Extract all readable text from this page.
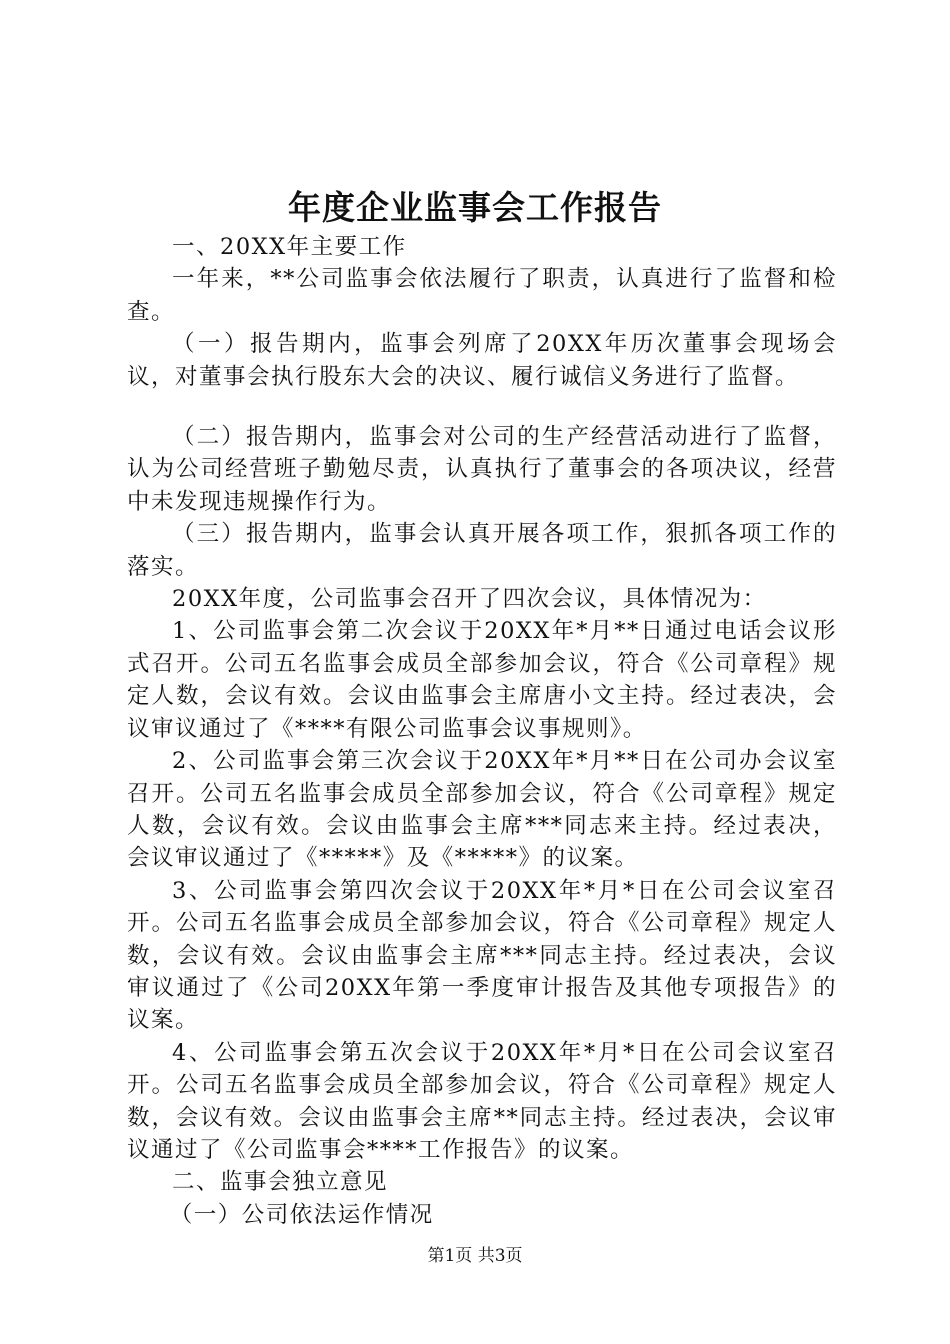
年度企业监事会工作报告

一、20XX年主要工作

一年来，**公司监事会依法履行了职责，认真进行了监督和检查。

（一）报告期内，监事会列席了20XX年历次董事会现场会议，对董事会执行股东大会的决议、履行诚信义务进行了监督。

（二）报告期内，监事会对公司的生产经营活动进行了监督，认为公司经营班子勤勉尽责，认真执行了董事会的各项决议，经营中未发现违规操作行为。

（三）报告期内，监事会认真开展各项工作，狠抓各项工作的落实。

20XX年度，公司监事会召开了四次会议，具体情况为：

1、公司监事会第二次会议于20XX年*月**日通过电话会议形式召开。公司五名监事会成员全部参加会议，符合《公司章程》规定人数，会议有效。会议由监事会主席唐小文主持。经过表决，会议审议通过了《****有限公司监事会议事规则》。

2、公司监事会第三次会议于20XX年*月**日在公司办会议室召开。公司五名监事会成员全部参加会议，符合《公司章程》规定人数，会议有效。会议由监事会主席***同志来主持。经过表决，会议审议通过了《*****》及《*****》的议案。

3、公司监事会第四次会议于20XX年*月*日在公司会议室召开。公司五名监事会成员全部参加会议，符合《公司章程》规定人数，会议有效。会议由监事会主席***同志主持。经过表决，会议审议通过了《公司20XX年第一季度审计报告及其他专项报告》的议案。

4、公司监事会第五次会议于20XX年*月*日在公司会议室召开。公司五名监事会成员全部参加会议，符合《公司章程》规定人数，会议有效。会议由监事会主席**同志主持。经过表决，会议审议通过了《公司监事会****工作报告》的议案。

二、监事会独立意见

（一）公司依法运作情况

第1页 共3页
